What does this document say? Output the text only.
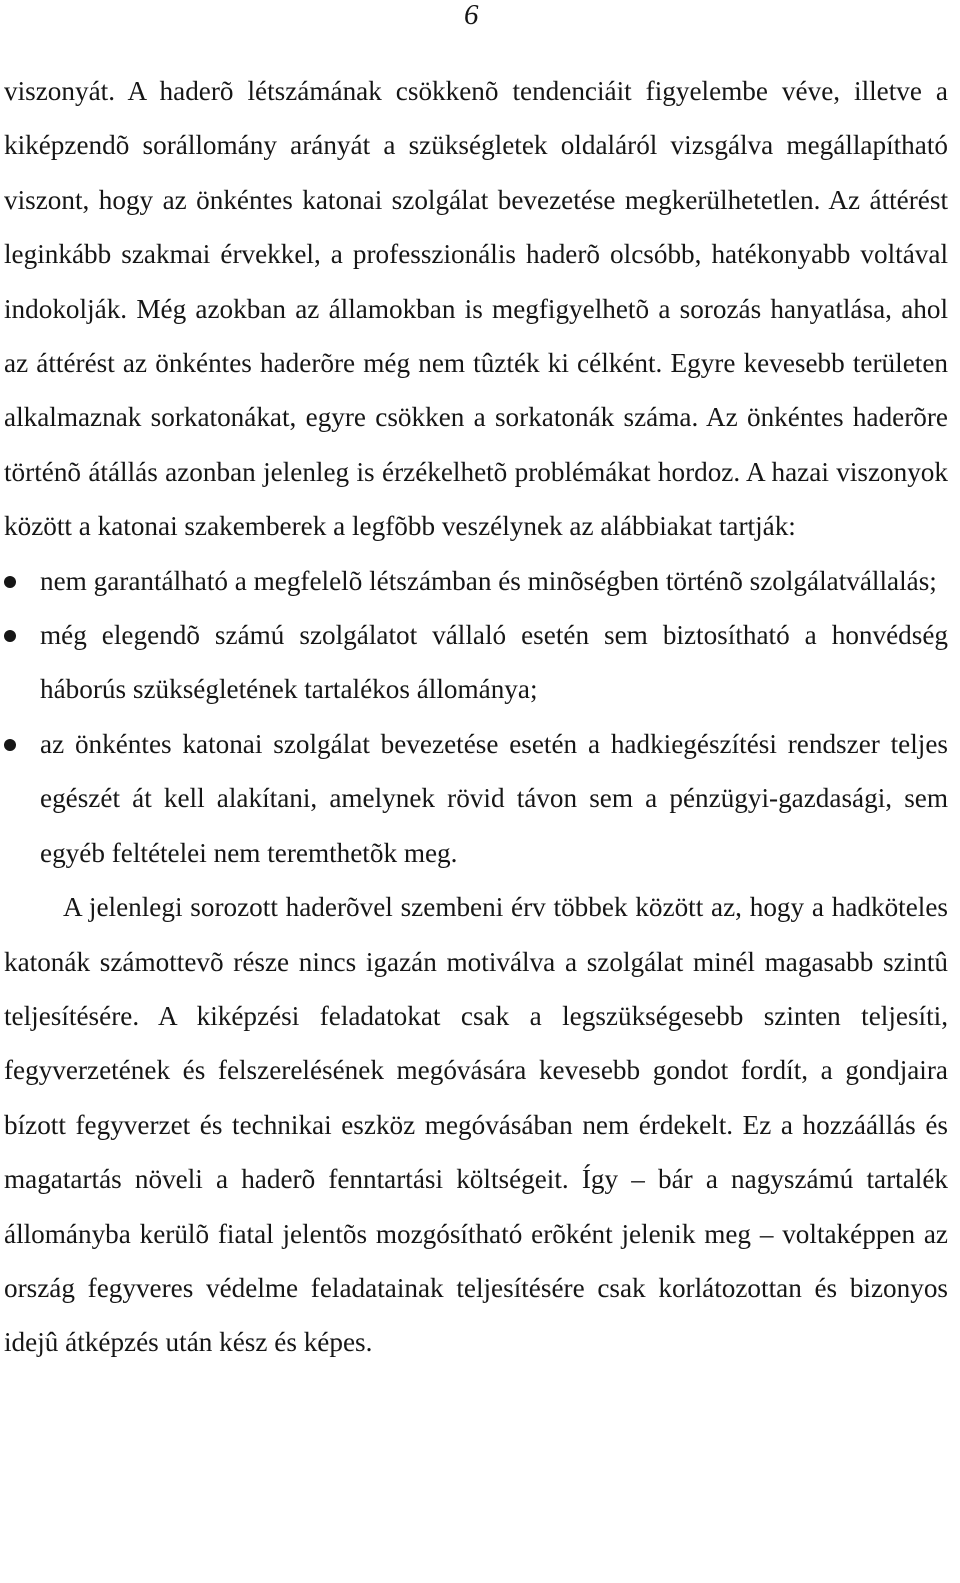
6

viszonyát. A haderõ létszámának csökkenõ tendenciáit figyelembe véve, illetve a kiképzendõ sorállomány arányát a szükségletek oldaláról vizsgálva megállapítható viszont, hogy az önkéntes katonai szolgálat bevezetése megkerülhetetlen. Az áttérést leginkább szakmai érvekkel, a professzionális haderõ olcsóbb, hatékonyabb voltával indokolják. Még azokban az államokban is megfigyelhetõ a sorozás hanyatlása, ahol az áttérést az önkéntes haderõre még nem tûzték ki célként. Egyre kevesebb területen alkalmaznak sorkatonákat, egyre csökken a sorkatonák száma. Az önkéntes haderõre történõ átállás azonban jelenleg is érzékelhetõ problémákat hordoz. A hazai viszonyok között a katonai szakemberek a legfõbb veszélynek az alábbiakat tartják:

nem garantálható a megfelelõ létszámban és minõségben történõ szolgálatvállalás;
még elegendõ számú szolgálatot vállaló esetén sem biztosítható a honvédség háborús szükségletének tartalékos állománya;
az önkéntes katonai szolgálat bevezetése esetén a hadkiegészítési rendszer teljes egészét át kell alakítani, amelynek rövid távon sem a pénzügyi-gazdasági, sem egyéb feltételei nem teremthetõk meg.

A jelenlegi sorozott haderõvel szembeni érv többek között az, hogy a hadköteles katonák számottevõ része nincs igazán motiválva a szolgálat minél magasabb szintû teljesítésére. A kiképzési feladatokat csak a legszükségesebb szinten teljesíti, fegyverzetének és felszerelésének megóvására kevesebb gondot fordít, a gondjaira bízott fegyverzet és technikai eszköz megóvásában nem érdekelt. Ez a hozzáállás és magatartás növeli a haderõ fenntartási költségeit. Így – bár a nagyszámú tartalék állományba kerülõ fiatal jelentõs mozgósítható erõként jelenik meg – voltaképpen az ország fegyveres védelme feladatainak teljesítésére csak korlátozottan és bizonyos idejû átképzés után kész és képes.
